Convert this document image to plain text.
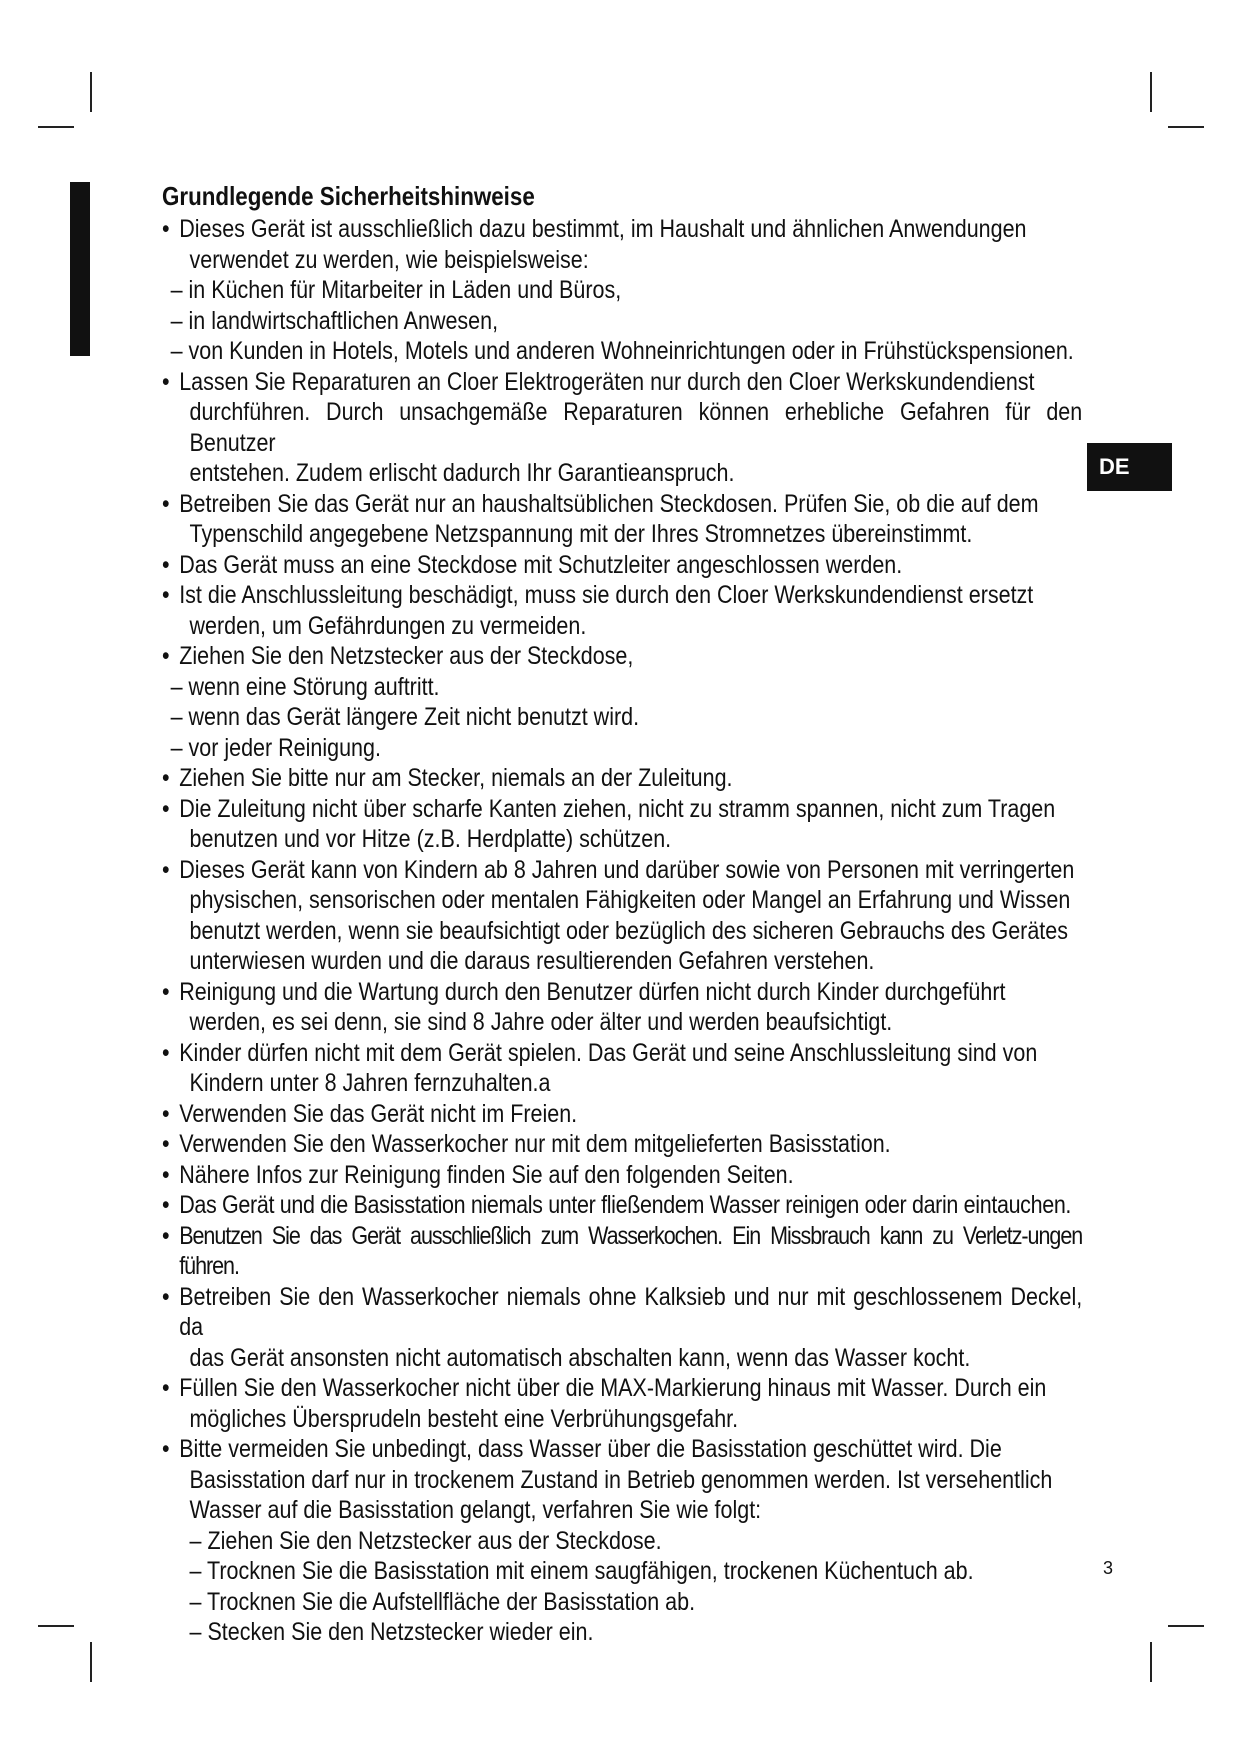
DE
3
Grundlegende Sicherheitshinweise
• Dieses Gerät ist ausschließlich dazu bestimmt, im Haushalt und ähnlichen Anwendungen
verwendet zu werden, wie beispielsweise:
– in Küchen für Mitarbeiter in Läden und Büros,
– in landwirtschaftlichen Anwesen,
– von Kunden in Hotels, Motels und anderen Wohneinrichtungen oder in Frühstückspensionen.
• Lassen Sie Reparaturen an Cloer Elektrogeräten nur durch den Cloer Werkskundendienst
durchführen. Durch unsachgemäße Reparaturen können erhebliche Gefahren für den Benutzer
entstehen. Zudem erlischt dadurch Ihr Garantieanspruch.
• Betreiben Sie das Gerät nur an haushaltsüblichen Steckdosen. Prüfen Sie, ob die auf dem
Typenschild angegebene Netzspannung mit der Ihres Stromnetzes übereinstimmt.
• Das Gerät muss an eine Steckdose mit Schutzleiter angeschlossen werden.
• Ist die Anschlussleitung beschädigt, muss sie durch den Cloer Werkskundendienst ersetzt
werden, um Gefährdungen zu vermeiden.
• Ziehen Sie den Netzstecker aus der Steckdose,
– wenn eine Störung auftritt.
– wenn das Gerät längere Zeit nicht benutzt wird.
– vor jeder Reinigung.
• Ziehen Sie bitte nur am Stecker, niemals an der Zuleitung.
• Die Zuleitung nicht über scharfe Kanten ziehen, nicht zu stramm spannen, nicht zum Tragen
benutzen und vor Hitze (z.B. Herdplatte) schützen.
• Dieses Gerät kann von Kindern ab 8 Jahren und darüber sowie von Personen mit verringerten
physischen, sensorischen oder mentalen Fähigkeiten oder Mangel an Erfahrung und Wissen
benutzt werden, wenn sie beaufsichtigt oder bezüglich des sicheren Gebrauchs des Gerätes
unterwiesen wurden und die daraus resultierenden Gefahren verstehen.
• Reinigung und die Wartung durch den Benutzer dürfen nicht durch Kinder durchgeführt
werden, es sei denn, sie sind 8 Jahre oder älter und werden beaufsichtigt.
• Kinder dürfen nicht mit dem Gerät spielen. Das Gerät und seine Anschlussleitung sind von
Kindern unter 8 Jahren fernzuhalten.a
• Verwenden Sie das Gerät nicht im Freien.
• Verwenden Sie den Wasserkocher nur mit dem mitgelieferten Basisstation.
• Nähere Infos zur Reinigung finden Sie auf den folgenden Seiten.
• Das Gerät und die Basisstation niemals unter fließendem Wasser reinigen oder darin eintauchen.
• Benutzen Sie das Gerät ausschließlich zum Wasserkochen. Ein Missbrauch kann zu Verletz-ungen führen.
• Betreiben Sie den Wasserkocher niemals ohne Kalksieb und nur mit geschlossenem Deckel, da
das Gerät ansonsten nicht automatisch abschalten kann, wenn das Wasser kocht.
• Füllen Sie den Wasserkocher nicht über die MAX-Markierung hinaus mit Wasser. Durch ein
mögliches Übersprudeln besteht eine Verbrühungsgefahr.
• Bitte vermeiden Sie unbedingt, dass Wasser über die Basisstation geschüttet wird. Die
Basisstation darf nur in trockenem Zustand in Betrieb genommen werden. Ist versehentlich
Wasser auf die Basisstation gelangt, verfahren Sie wie folgt:
– Ziehen Sie den Netzstecker aus der Steckdose.
– Trocknen Sie die Basisstation mit einem saugfähigen, trockenen Küchentuch ab.
– Trocknen Sie die Aufstellfläche der Basisstation ab.
– Stecken Sie den Netzstecker wieder ein.
